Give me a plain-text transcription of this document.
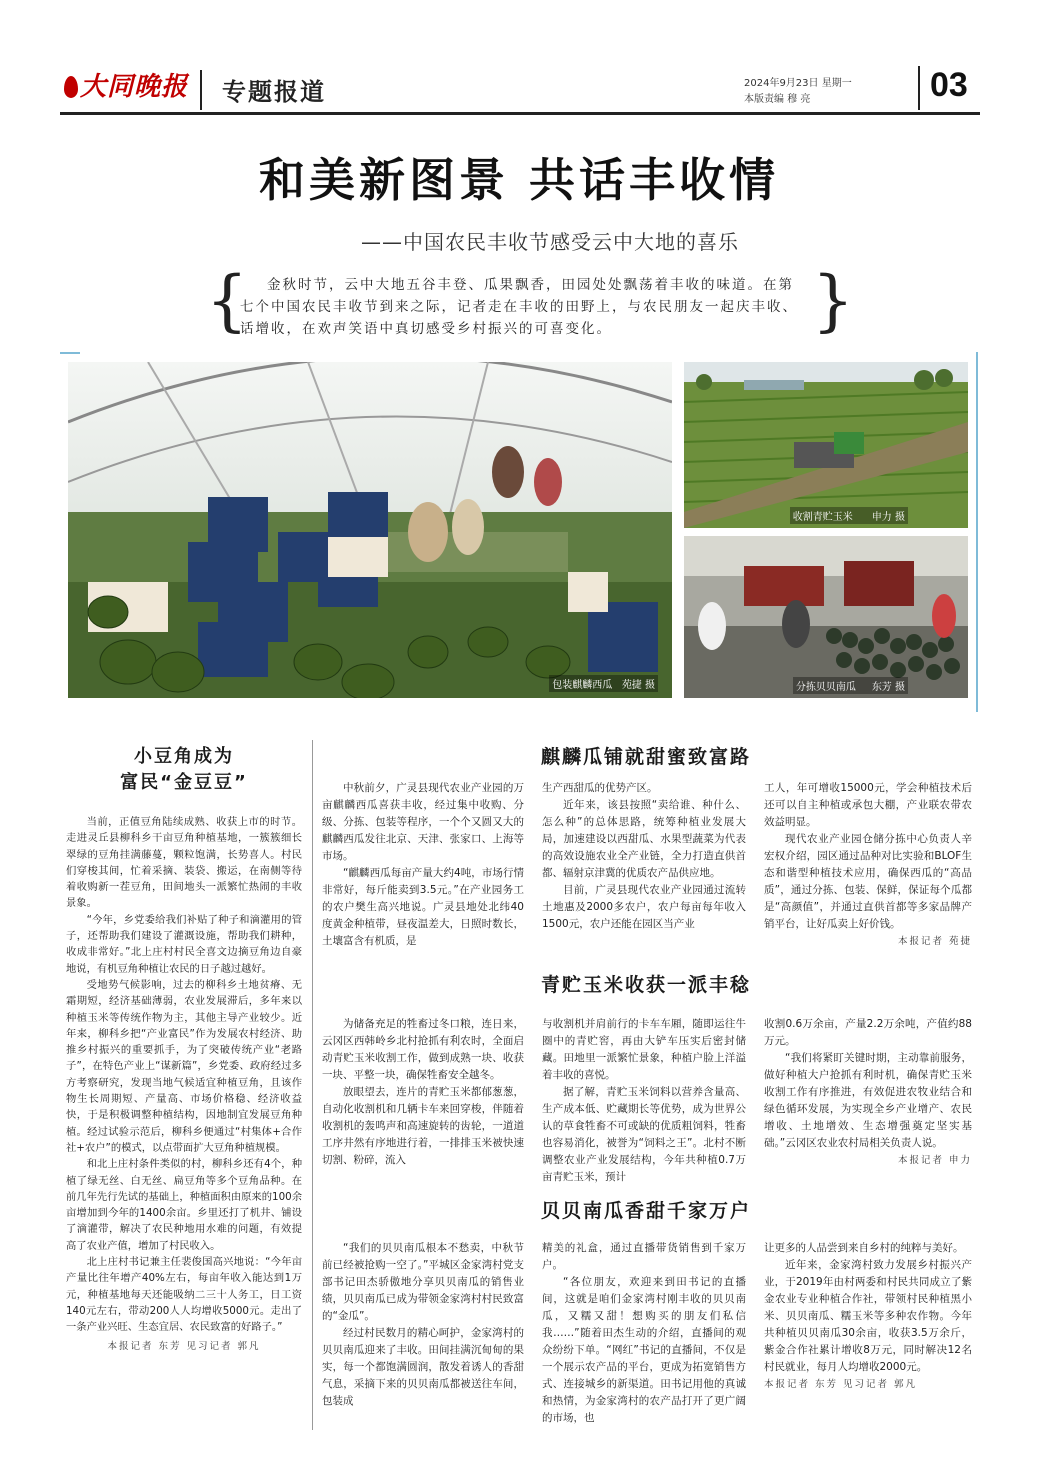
大同晚报 专题报道	2024年9月23日 星期一
本版责编 穆 亮	03
和美新图景 共话丰收情
——中国农民丰收节感受云中大地的喜乐
{	金秋时节，云中大地五谷丰登、瓜果飘香，田园处处飘荡着丰收的味道。在第七个中国农民丰收节到来之际，记者走在丰收的田野上，与农民朋友一起庆丰收、话增收，在欢声笑语中真切感受乡村振兴的可喜变化。	}
包装麒麟西瓜 苑捷 摄
收割青贮玉米 申力 摄
分拣贝贝南瓜 东芳 摄
小豆角成为
富民“金豆豆”

当前，正值豆角陆续成熟、收获上市的时节。走进灵丘县柳科乡干亩豆角种植基地，一簇簇细长翠绿的豆角挂满藤蔓，颗粒饱满，长势喜人。村民们穿梭其间，忙着采摘、装袋、搬运，在南侧等待着收购新一茬豆角，田间地头一派繁忙热闹的丰收景象。

“今年，乡党委给我们补贴了种子和滴灌用的管子，还帮助我们建设了灌溉设施，帮助我们耕种，收成非常好。”北上庄村村民全喜文边摘豆角边自豪地说，有机豆角种植让农民的日子越过越好。

受地势气候影响，过去的柳科乡土地贫瘠、无霜期短，经济基础薄弱，农业发展滞后，多年来以种植玉米等传统作物为主，其他主导产业较少。近年来，柳科乡把“产业富民”作为发展农村经济、助推乡村振兴的重要抓手，为了突破传统产业“老路子”，在特色产业上“谋新篇”，乡党委、政府经过多方考察研究，发现当地气候适宜种植豆角，且该作物生长周期短、产量高、市场价格稳、经济收益快，于是积极调整种植结构，因地制宜发展豆角种植。经过试验示范后，柳科乡便通过“村集体+合作社+农户”的模式，以点带面扩大豆角种植规模。

和北上庄村条件类似的村，柳科乡还有4个，种植了绿无丝、白无丝、扁豆角等多个豆角品种。在前几年先行先试的基础上，种植面积由原来的100余亩增加到今年的1400余亩。乡里还打了机井、铺设了滴灌带，解决了农民种地用水难的问题，有效提高了农业产值，增加了村民收入。

北上庄村书记兼主任裴俊国高兴地说：“今年亩产量比往年增产40%左右，每亩年收入能达到1万元，种植基地每天还能吸纳二三十人务工，日工资140元左右，带动200人人均增收5000元。走出了一条产业兴旺、生态宜居、农民致富的好路子。”

本报记者 东芳 见习记者 郭凡
麒麟瓜铺就甜蜜致富路

中秋前夕，广灵县现代农业产业园的万亩麒麟西瓜喜获丰收，经过集中收购、分级、分拣、包装等程序，一个个又圆又大的麒麟西瓜发往北京、天津、张家口、上海等市场。

“麒麟西瓜每亩产量大约4吨，市场行情非常好，每斤能卖到3.5元。”在产业园务工的农户樊生高兴地说。广灵县地处北纬40度黄金种植带，昼夜温差大，日照时数长，土壤富含有机质，是

生产西甜瓜的优势产区。

近年来，该县按照“卖给谁、种什么、怎么种”的总体思路，统筹种植业发展大局，加速建设以西甜瓜、水果型蔬菜为代表的高效设施农业全产业链，全力打造直供首都、辐射京津冀的优质农产品供应地。

目前，广灵县现代农业产业园通过流转土地惠及2000多农户，农户每亩每年收入1500元，农户还能在园区当产业

工人，年可增收15000元，学会种植技术后还可以自主种植或承包大棚，产业联农带农效益明显。

现代农业产业园仓储分拣中心负责人辛宏权介绍，园区通过品种对比实验和BLOF生态和谐型种植技术应用，确保西瓜的“高品质”，通过分拣、包装、保鲜，保证每个瓜都是“高颜值”，并通过直供首都等多家品牌产销平台，让好瓜卖上好价钱。

本报记者 苑捷
青贮玉米收获一派丰稔

为储备充足的牲畜过冬口粮，连日来，云冈区西韩岭乡北村抢抓有利农时，全面启动青贮玉米收割工作，做到成熟一块、收获一块、平整一块，确保牲畜安全越冬。

放眼望去，连片的青贮玉米都郁葱葱，自动化收割机和几辆卡车来回穿梭，伴随着收割机的轰鸣声和高速旋转的齿轮，一道道工序井然有序地进行着，一排排玉米被快速切割、粉碎，流入

与收割机并肩前行的卡车车厢，随即运往牛圈中的青贮窖，再由大铲车压实后密封储藏。田地里一派繁忙景象，种植户脸上洋溢着丰收的喜悦。

据了解，青贮玉米饲料以营养含量高、生产成本低、贮藏期长等优势，成为世界公认的草食牲畜不可或缺的优质粗饲料，牲畜也容易消化，被誉为“饲料之王”。北村不断调整农业产业发展结构，今年共种植0.7万亩青贮玉米，预计

收割0.6万余亩，产量2.2万余吨，产值约88万元。

“我们将紧盯关键时期，主动靠前服务，做好种植大户抢抓有利时机，确保青贮玉米收割工作有序推进，有效促进农牧业结合和绿色循环发展，为实现全乡产业增产、农民增收、土地增效、生态增强奠定坚实基础。”云冈区农业农村局相关负责人说。

本报记者 申力
贝贝南瓜香甜千家万户

“我们的贝贝南瓜根本不愁卖，中秋节前已经被抢购一空了。”平城区金家湾村党支部书记田杰骄傲地分享贝贝南瓜的销售业绩，贝贝南瓜已成为带领金家湾村村民致富的“金瓜”。

经过村民数月的精心呵护，金家湾村的贝贝南瓜迎来了丰收。田间挂满沉甸甸的果实，每一个都饱满圆润，散发着诱人的香甜气息，采摘下来的贝贝南瓜都被送往车间，包装成

精美的礼盒，通过直播带货销售到千家万户。

“各位朋友，欢迎来到田书记的直播间，这就是咱们金家湾村刚丰收的贝贝南瓜，又糯又甜！想购买的朋友们私信我……”随着田杰生动的介绍，直播间的观众纷纷下单。“网红”书记的直播间，不仅是一个展示农产品的平台，更成为拓宽销售方式、连接城乡的新渠道。田书记用他的真诚和热情，为金家湾村的农产品打开了更广阔的市场，也

让更多的人品尝到来自乡村的纯粹与美好。

近年来，金家湾村致力发展乡村振兴产业，于2019年由村两委和村民共同成立了紫金农业专业种植合作社，带领村民种植黑小米、贝贝南瓜、糯玉米等多种农作物。今年共种植贝贝南瓜30余亩，收获3.5万余斤，紫金合作社累计增收8万元，同时解决12名村民就业，每月人均增收2000元。

本报记者 东芳 见习记者 郭凡
